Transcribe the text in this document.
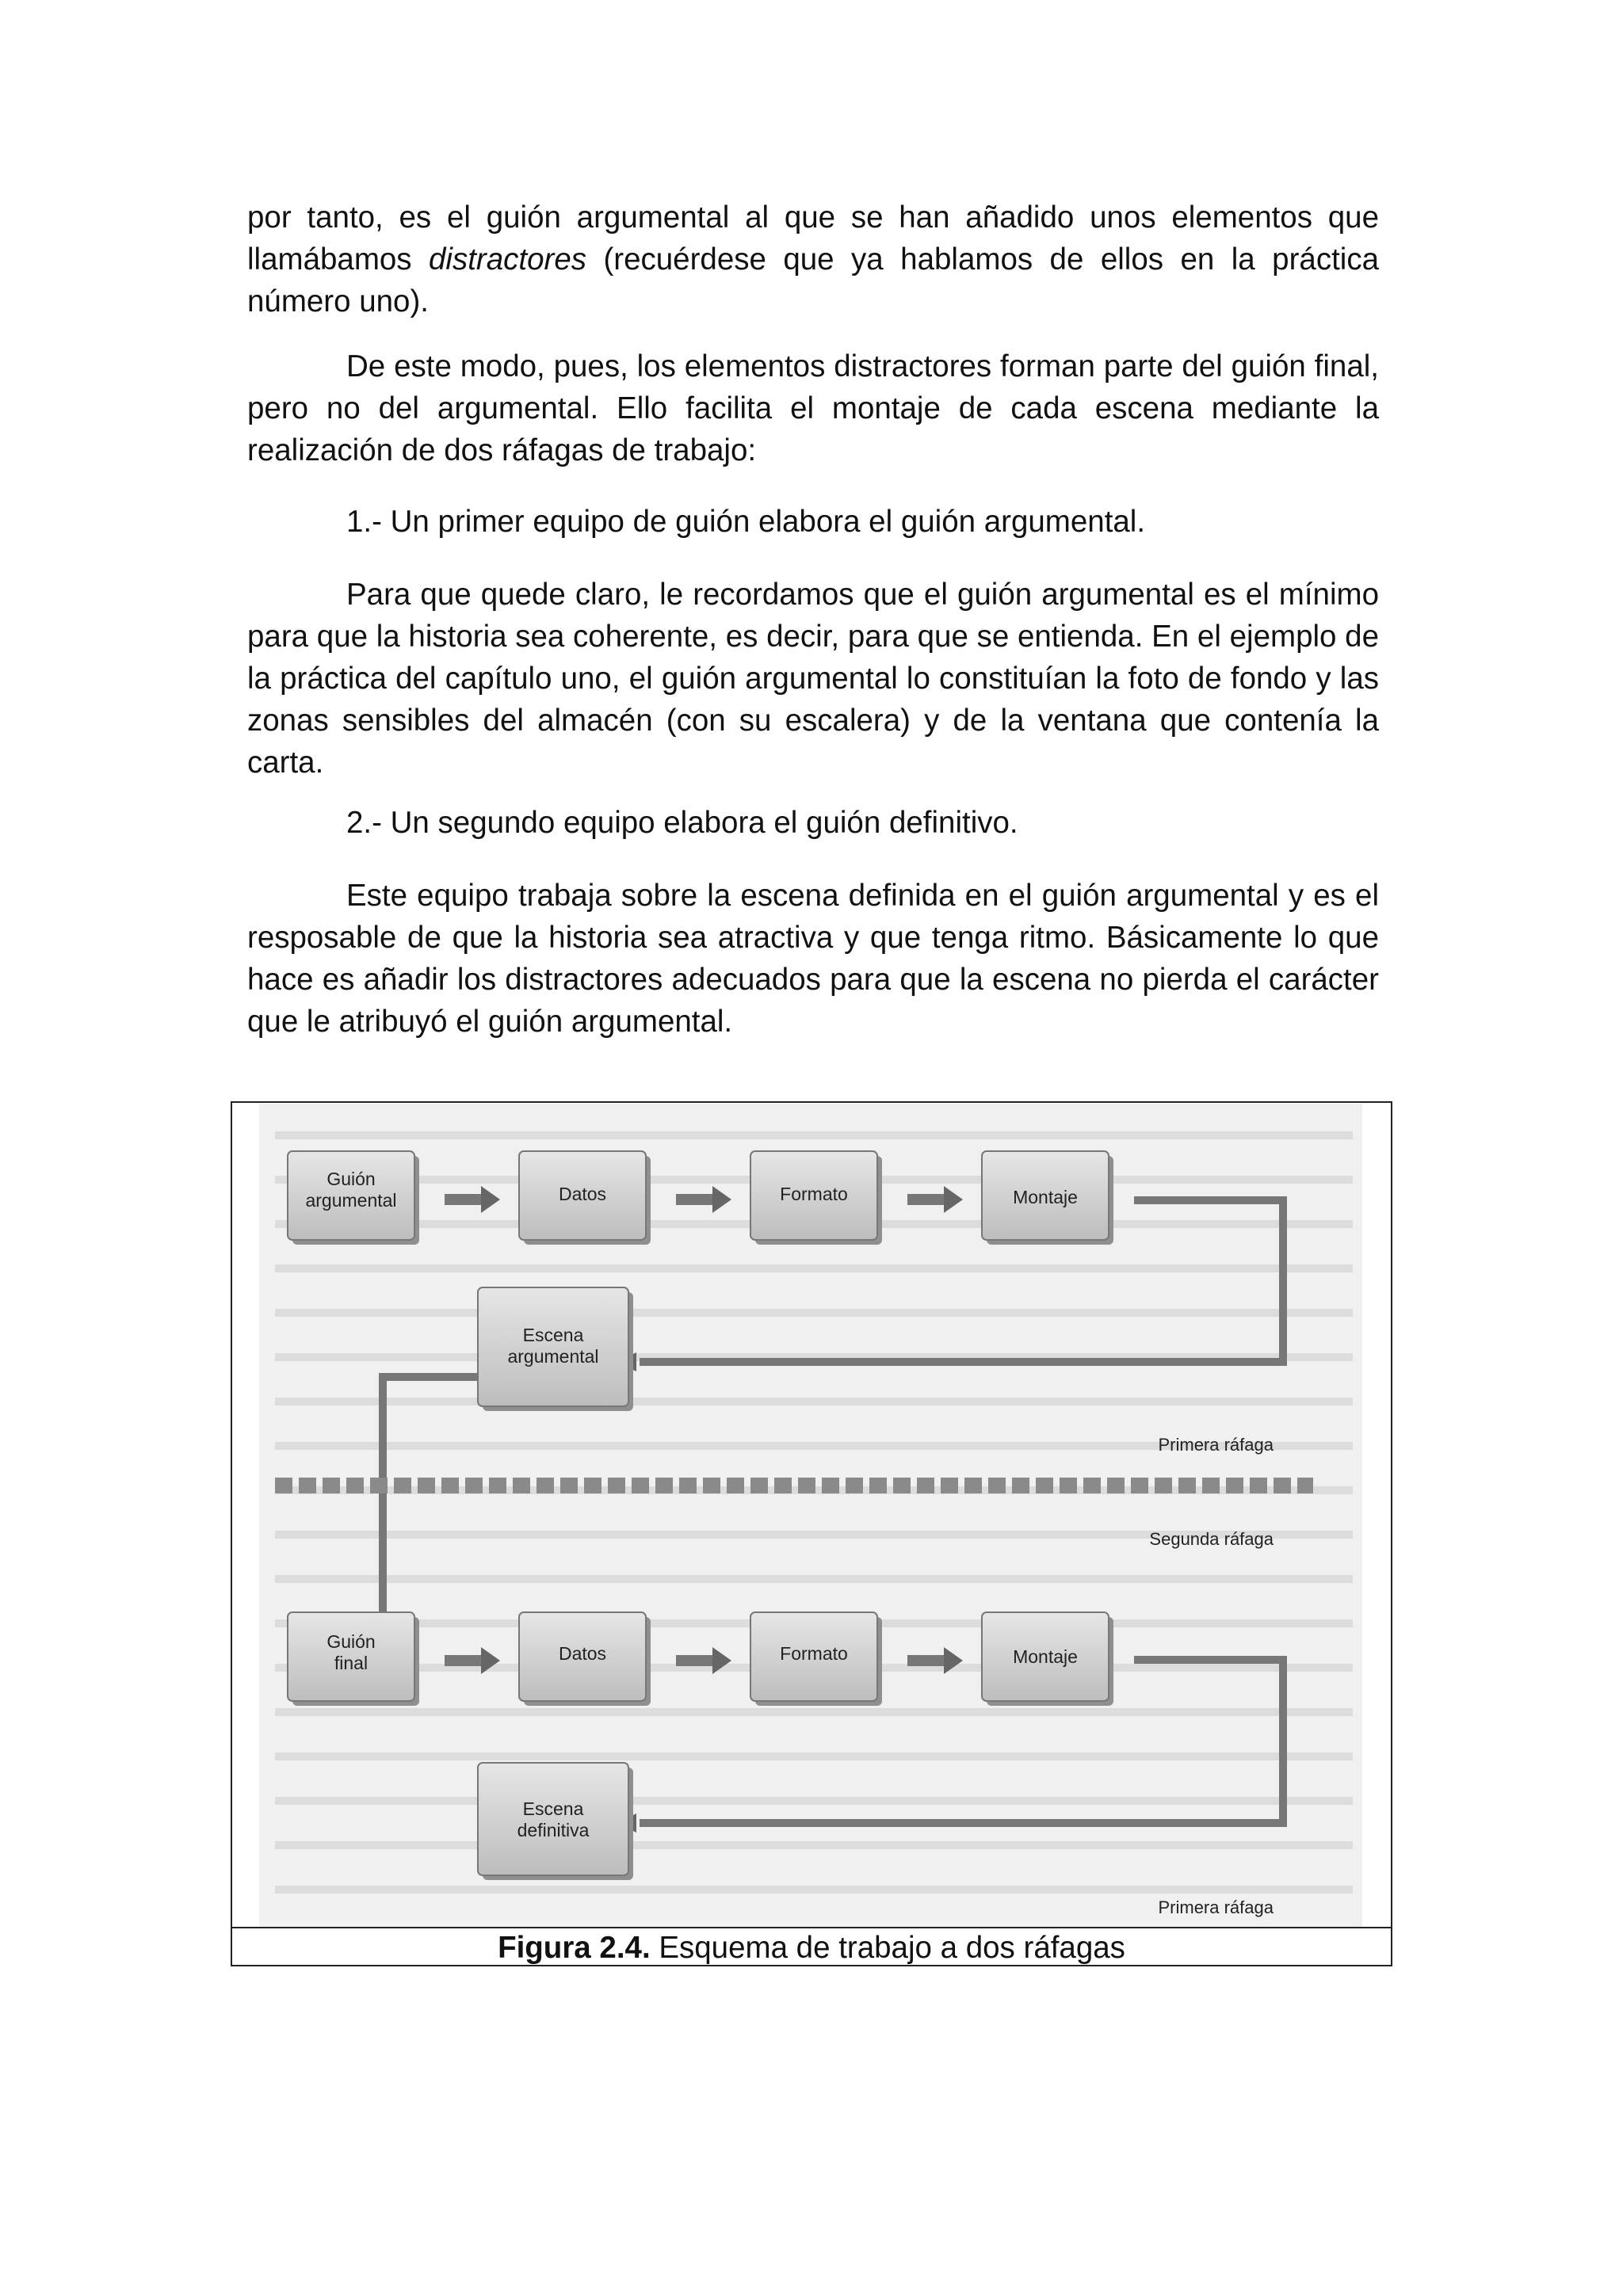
por tanto, es el guión argumental al que se han añadido unos elementos que llamábamos distractores (recuérdese que ya hablamos de ellos en la práctica número uno).

De este modo, pues, los elementos distractores forman parte del guión final, pero no del argumental. Ello facilita el montaje de cada escena mediante la realización de dos ráfagas de trabajo:

1.- Un primer equipo de guión elabora el guión argumental.

Para que quede claro, le recordamos que el guión argumental es el mínimo para que la historia sea coherente, es decir, para que se entienda. En el ejemplo de la práctica del capítulo uno, el guión argumental lo constituían la foto de fondo y las zonas sensibles del almacén (con su escalera) y de la ventana que contenía la carta.

2.- Un segundo equipo elabora el guión definitivo.

Este equipo trabaja sobre la escena definida en el guión argumental y es el resposable de que la historia sea atractiva y que tenga ritmo. Básicamente lo que hace es añadir los distractores adecuados para que la escena no pierda el carácter que le atribuyó el guión argumental.

Guión
argumental	Datos	Formato	Montaje
Escena
argumental
Primera ráfaga
Segunda ráfaga
Guión
final	Datos	Formato	Montaje
Escena
definitiva
Primera ráfaga
Figura 2.4. Esquema de trabajo a dos ráfagas
